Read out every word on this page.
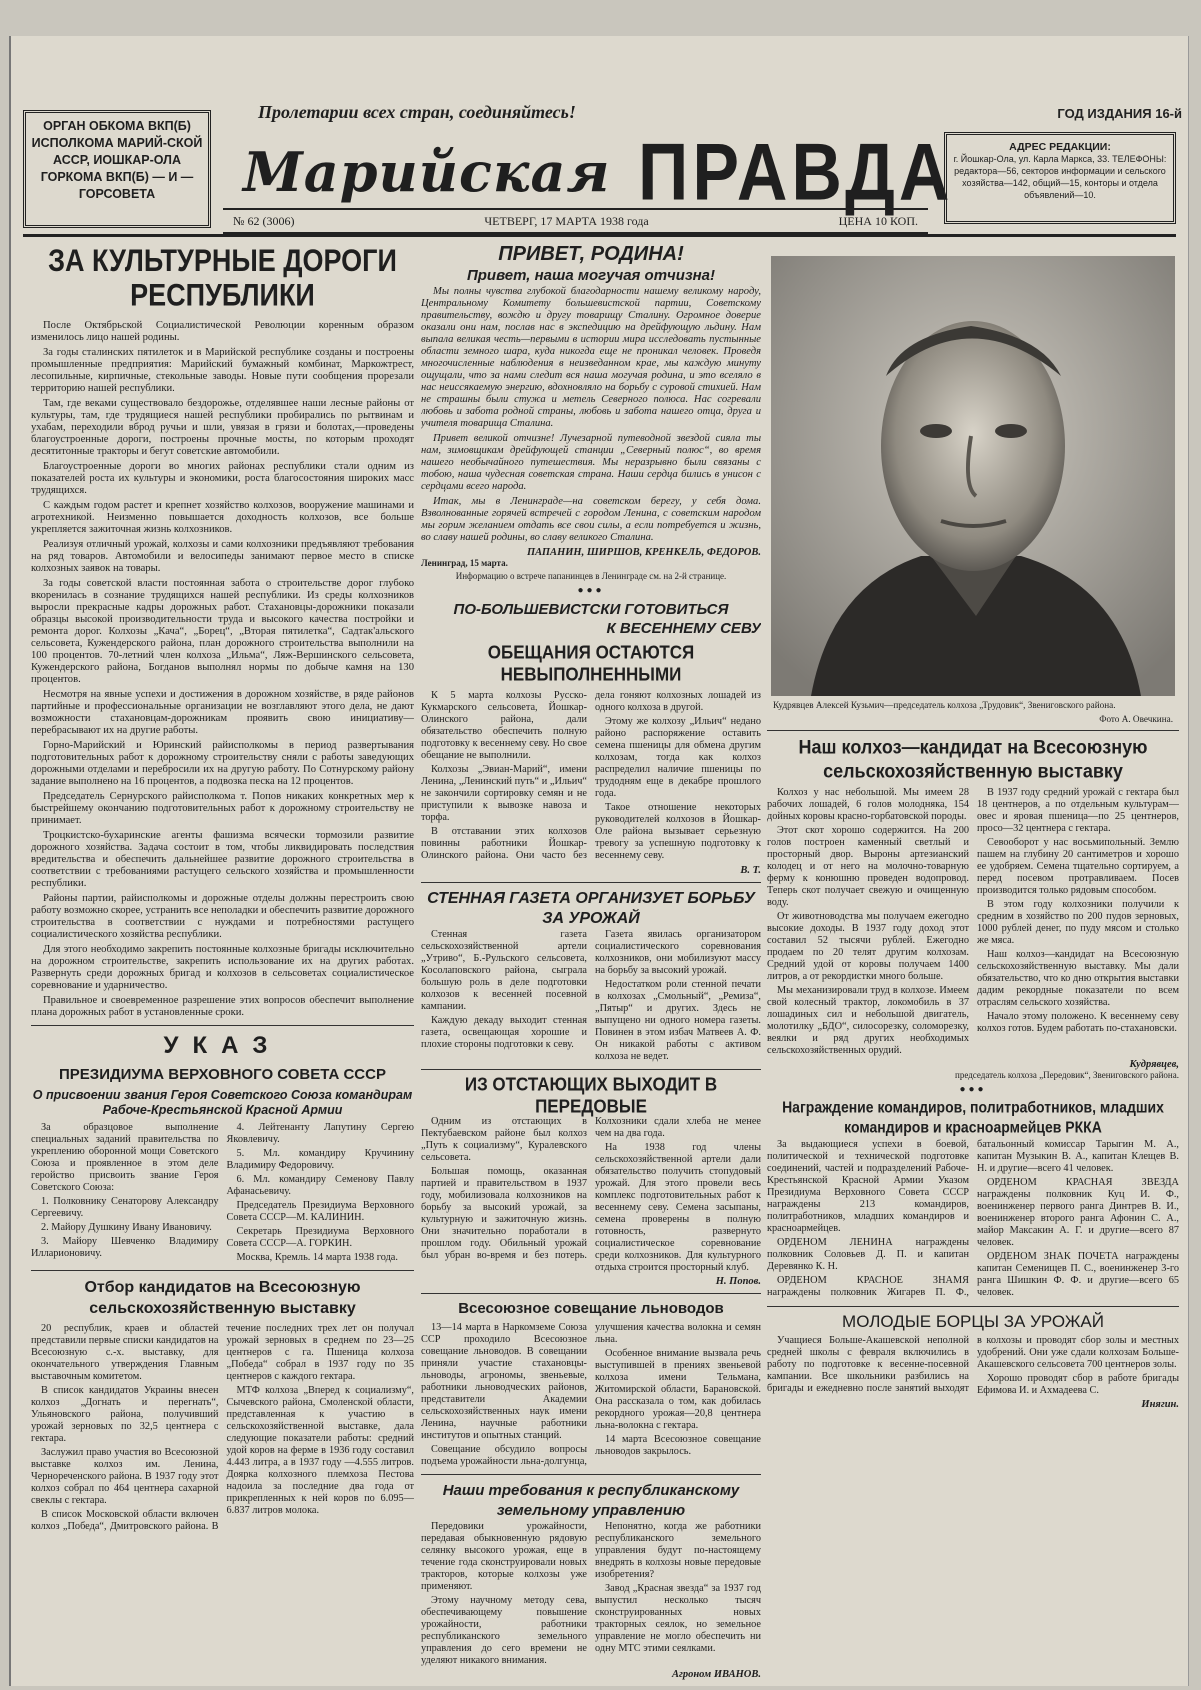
ГОД ИЗДАНИЯ 16-й
ОРГАН ОБКОМА ВКП(Б) ИСПОЛКОМА МАРИЙ-СКОЙ АССР, ИОШКАР-ОЛА ГОРКОМА ВКП(Б) — И — ГОРСОВЕТА
Пролетарии всех стран, соединяйтесь!
Марийская ПРАВДА	АДРЕС РЕДАКЦИИ:
г. Йошкар-Ола, ул. Карла Маркса, 33. ТЕЛЕФОНЫ: редактора—56, секторов информации и сельского хозяйства—142, общий—15, конторы и отдела объявлений—10.
№ 62 (3006)	ЧЕТВЕРГ, 17 МАРТА 1938 года	ЦЕНА 10 КОП.
ЗА КУЛЬТУРНЫЕ ДОРОГИ РЕСПУБЛИКИ

После Октябрьской Социалистической Революции коренным образом изменилось лицо нашей родины.

За годы сталинских пятилеток и в Марийской республике созданы и построены промышленные предприятия: Марийский бумажный комбинат, Маркожтрест, лесопильные, кирпичные, стекольные заводы. Новые пути сообщения прорезали территорию нашей республики.

Там, где веками существовало бездорожье, отделявшее наши лесные районы от культуры, там, где трудящиеся нашей республики пробирались по рытвинам и ухабам, переходили вброд ручьи и шли, увязая в грязи и болотах,—проведены благоустроенные дороги, построены прочные мосты, по которым проходят десятитонные тракторы и бегут советские автомобили.

Благоустроенные дороги во многих районах республики стали одним из показателей роста их культуры и экономики, роста благосостояния широких масс трудящихся.

С каждым годом растет и крепнет хозяйство колхозов, вооружение машинами и агротехникой. Неизменно повышается доходность колхозов, все больше укрепляется зажиточная жизнь колхозников.

Реализуя отличный урожай, колхозы и сами колхозники предъявляют требования на ряд товаров. Автомобили и велосипеды занимают первое место в списке колхозных заявок на товары.

За годы советской власти постоянная забота о строительстве дорог глубоко вкоренилась в сознание трудящихся нашей республики. Из среды колхозников выросли прекрасные кадры дорожных работ. Стахановцы-дорожники показали образцы высокой производительности труда и высокого качества постройки и ремонта дорог. Колхозы „Кача“, „Борец“, „Вторая пятилетка“, Садтак'альского сельсовета, Кужендерского района, план дорожного строительства выполнили на 100 процентов. 70-летний член колхоза „Ильма“, Ляж-Вершинского сельсовета, Кужендерского района, Богданов выполнял нормы по добыче камня на 130 процентов.

Несмотря на явные успехи и достижения в дорожном хозяйстве, в ряде районов партийные и профессиональные организации не возглавляют этого дела, не дают возможности стахановцам-дорожникам проявить свою инициативу—перебрасывают их на другие работы.

Горно-Марийский и Юринский райисполкомы в период развертывания подготовительных работ к дорожному строительству сняли с работы заведующих дорожными отделами и перебросили их на другую работу. По Сотнурскому району задание выполнено на 16 процентов, а подвозка песка на 12 процентов.

Председатель Сернурского райисполкома т. Попов никаких конкретных мер к быстрейшему окончанию подготовительных работ к дорожному строительству не принимает.

Троцкистско-бухаринские агенты фашизма всячески тормозили развитие дорожного хозяйства. Задача состоит в том, чтобы ликвидировать последствия вредительства и обеспечить дальнейшее развитие дорожного строительства в соответствии с требованиями растущего сельского хозяйства и промышленности республики.

Районы партии, райисполкомы и дорожные отделы должны перестроить свою работу возможно скорее, устранить все неполадки и обеспечить развитие дорожного строительства в соответствии с нуждами и потребностями растущего социалистического хозяйства республики.

Для этого необходимо закрепить постоянные колхозные бригады исключительно на дорожном строительстве, закрепить использование их на других работах. Развернуть среди дорожных бригад и колхозов в сельсоветах социалистическое соревнование и ударничество.

Правильное и своевременное разрешение этих вопросов обеспечит выполнение плана дорожных работ в установленные сроки.

УКАЗ
ПРЕЗИДИУМА ВЕРХОВНОГО СОВЕТА СССР
О присвоении звания Героя Советского Союза командирам Рабоче-Крестьянской Красной Армии

За образцовое выполнение специальных заданий правительства по укреплению оборонной мощи Советского Союза и проявленное в этом деле геройство присвоить звание Героя Советского Союза:

1. Полковнику Сенаторову Александру Сергеевичу.

2. Майору Душкину Ивану Ивановичу.

3. Майору Шевченко Владимиру Илларионовичу.

4. Лейтенанту Лапутину Сергею Яковлевичу.

5. Мл. командиру Кручинину Владимиру Федоровичу.

6. Мл. командиру Семенову Павлу Афанасьевичу.

Председатель Президиума Верховного Совета СССР—М. КАЛИНИН.

Секретарь Президиума Верховного Совета СССР—А. ГОРКИН.

Москва, Кремль. 14 марта 1938 года.

Отбор кандидатов на Всесоюзную сельскохозяйственную выставку

20 республик, краев и областей представили первые списки кандидатов на Всесоюзную с.-х. выставку, для окончательного утверждения Главным выставочным комитетом.

В список кандидатов Украины внесен колхоз „Догнать и перегнать“, Ульяновского района, получивший урожай зерновых по 32,5 центнера с гектара.

Заслужил право участия во Всесоюзной выставке колхоз им. Ленина, Чернореченского района. В 1937 году этот колхоз собрал по 464 центнера сахарной свеклы с гектара.

В список Московской области включен колхоз „Победа“, Дмитровского района. В течение последних трех лет он получал урожай зерновых в среднем по 23—25 центнеров с га. Пшеница колхоза „Победа“ собрал в 1937 году по 35 центнеров с каждого гектара.

МТФ колхоза „Вперед к социализму“, Сычевского района, Смоленской области, представленная к участию в сельскохозяйственной выставке, дала следующие показатели работы: средний удой коров на ферме в 1936 году составил 4.443 литра, а в 1937 году —4.555 литров. Доярка колхозного племхоза Пестова надоила за последние два года от прикрепленных к ней коров по 6.095—6.837 литров молока.

ПРИВЕТ, РОДИНА!
Привет, наша могучая отчизна!

Мы полны чувства глубокой благодарности нашему великому народу, Центральному Комитету большевистской партии, Советскому правительству, вождю и другу товарищу Сталину. Огромное доверие оказали они нам, послав нас в экспедицию на дрейфующую льдину. Нам выпала великая честь—первыми в истории мира исследовать пустынные области земного шара, куда никогда еще не проникал человек. Проведя многочисленные наблюдения в неизведанном крае, мы каждую минуту ощущали, что за нами следит вся наша могучая родина, и это вселяло в нас неиссякаемую энергию, вдохновляло на борьбу с суровой стихией. Нам не страшны были стужа и метель Северного полюса. Нас согревали любовь и забота родной страны, любовь и забота нашего отца, друга и учителя товарища Сталина.

Привет великой отчизне! Лучезарной путеводной звездой сияла ты нам, зимовщикам дрейфующей станции „Северный полюс“, во время нашего необычайного путешествия. Мы неразрывно были связаны с тобою, наша чудесная советская страна. Наши сердца бились в унисон с сердцами всего народа.

Итак, мы в Ленинграде—на советском берегу, у себя дома. Взволнованные горячей встречей с городом Ленина, с советским народом мы горим желанием отдать все свои силы, а если потребуется и жизнь, во славу нашей родины, во славу великого Сталина.

ПАПАНИН, ШИРШОВ, КРЕНКЕЛЬ, ФЕДОРОВ.
Ленинград, 15 марта.
Информацию о встрече папанинцев в Ленинграде см. на 2-й странице.
●●●
ПО-БОЛЬШЕВИСТСКИ ГОТОВИТЬСЯ
К ВЕСЕННЕМУ СЕВУ
ОБЕЩАНИЯ ОСТАЮТСЯ НЕВЫПОЛНЕННЫМИ

К 5 марта колхозы Русско-Кукмарского сельсовета, Йошкар-Олинского района, дали обязательство обеспечить полную подготовку к весеннему севу. Но свое обещание не выполнили.

Колхозы „Эвиан-Марий“, имени Ленина, „Ленинский путь“ и „Ильич“ не закончили сортировку семян и не приступили к вывозке навоза и торфа.

В отставании этих колхозов повинны работники Йошкар-Олинского района. Они часто без дела гоняют колхозных лошадей из одного колхоза в другой.

Этому же колхозу „Ильич“ недано районо распоряжение оставить семена пшеницы для обмена другим колхозам, тогда как колхоз распределил наличие пшеницы по трудодням еще в декабре прошлого года.

Такое отношение некоторых руководителей колхозов в Йошкар-Оле района вызывает серьезную тревогу за успешную подготовку к весеннему севу.

В. Т.
СТЕННАЯ ГАЗЕТА ОРГАНИЗУЕТ БОРЬБУ ЗА УРОЖАЙ

Стенная газета сельскохозяйственной артели „Утриво“, Б.-Рульского сельсовета, Косолаповского района, сыграла большую роль в деле подготовки колхозов к весенней посевной кампании.

Каждую декаду выходит стенная газета, освещающая хорошие и плохие стороны подготовки к севу.

Газета явилась организатором социалистического соревнования колхозников, они мобилизуют массу на борьбу за высокий урожай.

Недостатком роли стенной печати в колхозах „Смольный“, „Ремиза“, „Пятыр“ и других. Здесь не выпущено ни одного номера газеты. Повинен в этом избач Матвеев А. Ф. Он никакой работы с активом колхоза не ведет.

ИЗ ОТСТАЮЩИХ ВЫХОДИТ В ПЕРЕДОВЫЕ

Одним из отстающих в Пектубаевском районе был колхоз „Путь к социализму“, Куралевского сельсовета.

Большая помощь, оказанная партией и правительством в 1937 году, мобилизовала колхозников на борьбу за высокий урожай, за культурную и зажиточную жизнь. Они значительно поработали в прошлом году. Обильный урожай был убран во-время и без потерь. Колхозники сдали хлеба не менее чем на два года.

На 1938 год члены сельскохозяйственной артели дали обязательство получить стопудовый урожай. Для этого провели весь комплекс подготовительных работ к весеннему севу. Семена засыпаны, семена проверены в полную готовность, развернуто социалистическое соревнование среди колхозников. Для культурного отдыха строится просторный клуб.

Н. Попов.
Всесоюзное совещание льноводов

13—14 марта в Наркомземе Союза ССР проходило Всесоюзное совещание льноводов. В совещании приняли участие стахановцы-льноводы, агрономы, звеньевые, работники льноводческих районов, представители Академии сельскохозяйственных наук имени Ленина, научные работники институтов и опытных станций.

Совещание обсудило вопросы подъема урожайности льна-долгунца, улучшения качества волокна и семян льна.

Особенное внимание вызвала речь выступившей в прениях звеньевой колхоза имени Тельмана, Житомирской области, Барановской. Она рассказала о том, как добилась рекордного урожая—20,8 центнера льна-волокна с гектара.

14 марта Всесоюзное совещание льноводов закрылось.

Наши требования к республиканскому земельному управлению

Передовики урожайности, передавая обыкновенную рядовую селянку высокого урожая, еще в течение года сконструировали новых тракторов, которые колхозы уже применяют.

Этому научному методу сева, обеспечивающему повышение урожайности, работники республиканского земельного управления до сего времени не уделяют никакого внимания.

Непонятно, когда же работники республиканского земельного управления будут по-настоящему внедрять в колхозы новые передовые изобретения?

Завод „Красная звезда“ за 1937 год выпустил несколько тысяч сконструированных новых тракторных сеялок, но земельное управление не могло обеспечить ни одну МТС этими сеялками.

Агроном ИВАНОВ.
Кудрявцев Алексей Кузьмич—председатель колхоза „Трудовик“, Звениговского района.
Фото А. Овечкина.
Наш колхоз—кандидат на Всесоюзную сельскохозяйственную выставку

Колхоз у нас небольшой. Мы имеем 28 рабочих лошадей, 6 голов молодняка, 154 дойных коровы красно-горбатовской породы.

Этот скот хорошо содержится. На 200 голов построен каменный светлый и просторный двор. Выроны артезианский колодец и от него на молочно-товарную ферму к конюшню проведен водопровод. Теперь скот получает свежую и очищенную воду.

От животноводства мы получаем ежегодно высокие доходы. В 1937 году доход этот составил 52 тысячи рублей. Ежегодно продаем по 20 телят другим колхозам. Средний удой от коровы получаем 1400 литров, а от рекордистки много больше.

Мы механизировали труд в колхозе. Имеем свой колесный трактор, локомобиль в 37 лошадиных сил и небольшой двигатель, молотилку „БДО“, силосорезку, соломорезку, веялки и ряд других необходимых сельскохозяйственных орудий.

В 1937 году средний урожай с гектара был 18 центнеров, а по отдельным культурам—овес и яровая пшеница—по 25 центнеров, просо—32 центнера с гектара.

Севооборот у нас восьмипольный. Землю пашем на глубину 20 сантиметров и хорошо ее удобряем. Семена тщательно сортируем, а перед посевом протравливаем. Посев производится только рядовым способом.

В этом году колхозники получили к средним в хозяйство по 200 пудов зерновых, 1000 рублей денег, по пуду мясом и столько же мяса.

Наш колхоз—кандидат на Всесоюзную сельскохозяйственную выставку. Мы дали обязательство, что ко дню открытия выставки дадим рекордные показатели по всем отраслям сельского хозяйства.

Начало этому положено. К весеннему севу колхоз готов. Будем работать по-стахановски.

Кудрявцев,
председатель колхоза „Передовик“, Звениговского района.
●●●
Награждение командиров, политработников, младших командиров и красноармейцев РККА

За выдающиеся успехи в боевой, политической и технической подготовке соединений, частей и подразделений Рабоче-Крестьянской Красной Армии Указом Президиума Верховного Совета СССР награждены 213 командиров, политработников, младших командиров и красноармейцев.

ОРДЕНОМ ЛЕНИНА награждены полковник Соловьев Д. П. и капитан Деревянко К. Н.

ОРДЕНОМ КРАСНОЕ ЗНАМЯ награждены полковник Жигарев П. Ф., батальонный комиссар Тарыгин М. А., капитан Музыкин В. А., капитан Клещев В. Н. и другие—всего 41 человек.

ОРДЕНОМ КРАСНАЯ ЗВЕЗДА награждены полковник Куц И. Ф., военинженер первого ранга Динтрев В. И., военинженер второго ранга Афонин С. А., майор Максакин А. Г. и другие—всего 87 человек.

ОРДЕНОМ ЗНАК ПОЧЕТА награждены капитан Семенищев П. С., военинженер 3-го ранга Шишкин Ф. Ф. и другие—всего 65 человек.

МОЛОДЫЕ БОРЦЫ ЗА УРОЖАЙ

Учащиеся Больше-Акашевской неполной средней школы с февраля включились в работу по подготовке к весенне-посевной кампании. Все школьники разбились на бригады и ежедневно после занятий выходят в колхозы и проводят сбор золы и местных удобрений. Они уже сдали колхозам Больше-Акашевского сельсовета 700 центнеров золы.

Хорошо проводят сбор в работе бригады Ефимова И. и Ахмадеева С.

Инягин.
